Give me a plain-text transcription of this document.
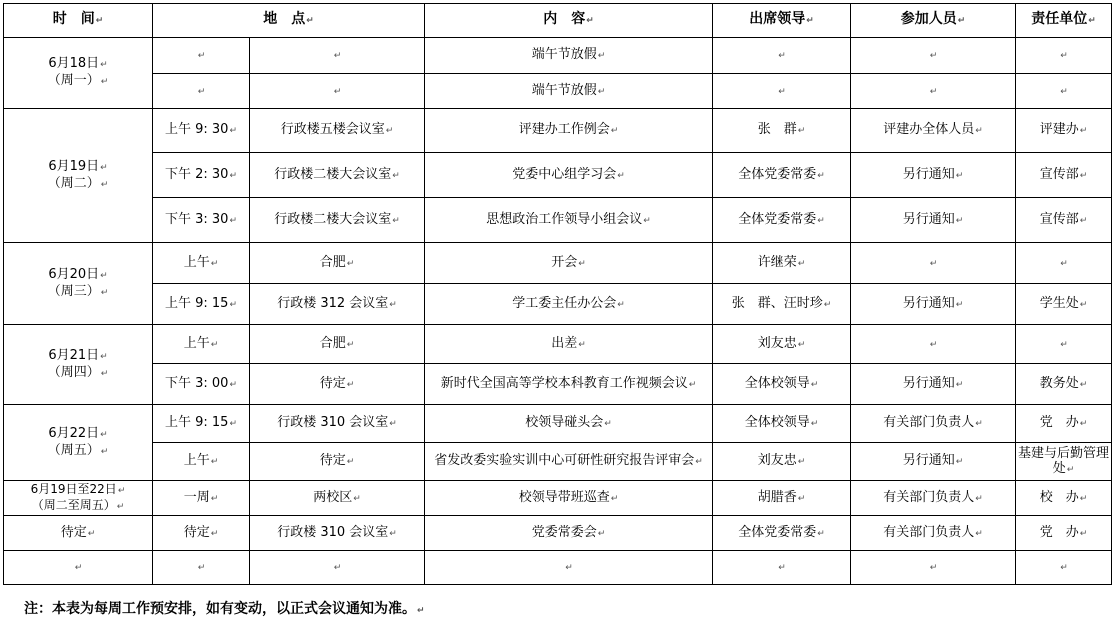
时　间↵	地　点↵		内　容↵	出席领导↵	参加人员↵	责任单位↵
6月18日↵
（周一）↵	↵	↵	端午节放假↵	↵	↵	↵
	↵	↵	端午节放假↵	↵	↵	↵
6月19日↵
（周二）↵	上午 9: 30↵	行政楼五楼会议室↵	评建办工作例会↵	张　群↵	评建办全体人员↵	评建办↵
	下午 2: 30↵	行政楼二楼大会议室↵	党委中心组学习会↵	全体党委常委↵	另行通知↵	宣传部↵
	下午 3: 30↵	行政楼二楼大会议室↵	思想政治工作领导小组会议↵	全体党委常委↵	另行通知↵	宣传部↵
6月20日↵
（周三）↵	上午↵	合肥↵	开会↵	许继荣↵	↵	↵
	上午 9: 15↵	行政楼 312 会议室↵	学工委主任办公会↵	张　群、汪时珍↵	另行通知↵	学生处↵
6月21日↵
（周四）↵	上午↵	合肥↵	出差↵	刘友忠↵	↵	↵
	下午 3: 00↵	待定↵	新时代全国高等学校本科教育工作视频会议↵	全体校领导↵	另行通知↵	教务处↵
6月22日↵
（周五）↵	上午 9: 15↵	行政楼 310 会议室↵	校领导碰头会↵	全体校领导↵	有关部门负责人↵	党　办↵
	上午↵	待定↵	省发改委实验实训中心可研性研究报告评审会↵	刘友忠↵	另行通知↵	基建与后勤管理处↵
6月19日至22日↵
（周二至周五）↵	一周↵	两校区↵	校领导带班巡查↵	胡腊香↵	有关部门负责人↵	校　办↵
待定↵	待定↵	行政楼 310 会议室↵	党委常委会↵	全体党委常委↵	有关部门负责人↵	党　办↵
↵	↵	↵	↵	↵	↵	↵
注：本表为每周工作预安排，如有变动，以正式会议通知为准。↵
